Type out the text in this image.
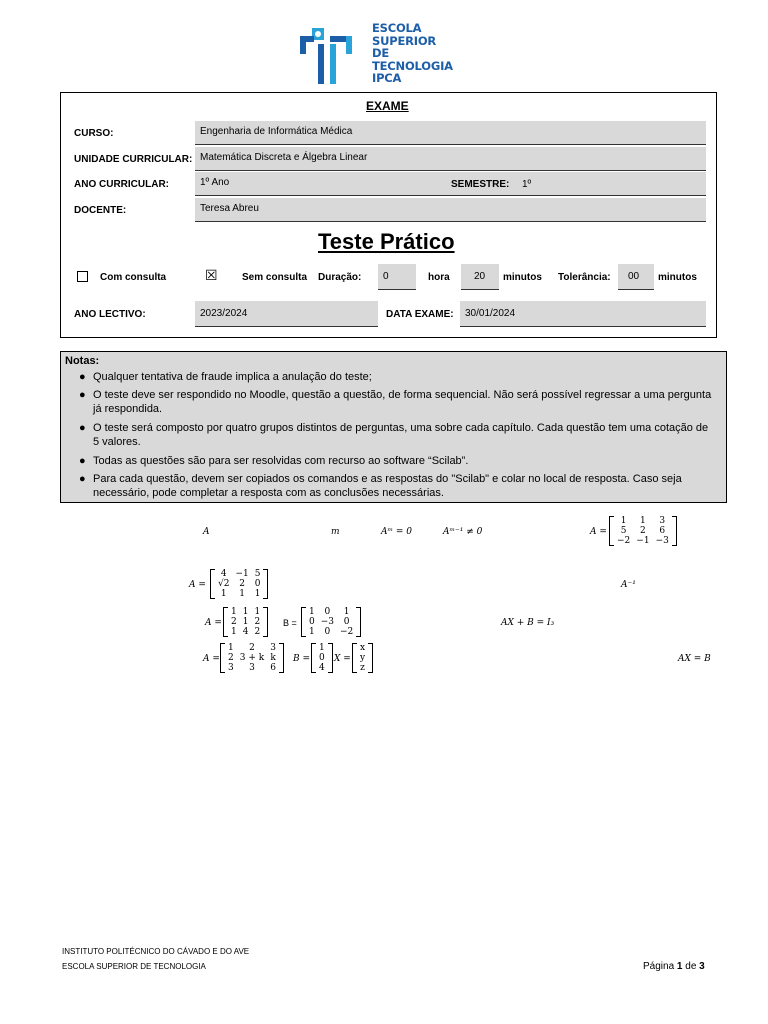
ESCOLA
SUPERIOR
DE TECNOLOGIA
IPCA
EXAME
CURSO:	Engenharia de Informática Médica
UNIDADE CURRICULAR: Matemática Discreta e Álgebra Linear
ANO CURRICULAR:	1º Ano	SEMESTRE: 1º
DOCENTE:	Teresa Abreu
Teste Prático
Com consulta	☒ Sem consulta Duração:	0	hora	20	minutos Tolerância:	00	minutos
ANO LECTIVO:	2023/2024	DATA EXAME:	30/01/2024
Notas:
● Qualquer tentativa de fraude implica a anulação do teste;
● O teste deve ser respondido no Moodle, questão a questão, de forma sequencial. Não será possível regressar a uma pergunta já respondida.
● O teste será composto por quatro grupos distintos de perguntas, uma sobre cada capítulo. Cada questão tem uma cotação de 5 valores.
● Todas as questões são para ser resolvidas com recurso ao software “Scilab”.
● Para cada questão, devem ser copiados os comandos e as respostas do "Scilab" e colar no local de resposta. Caso seja necessário, pode completar a resposta com as conclusões necessárias.
A	m	Aᵐ = 0	Aᵐ⁻¹ ≠ 0	A =
1	1	3
5	2	6
−2	−1	−3
A =
4	−1	5
√2	2	0
1	1	1
A⁻¹
A =
1	1	1
2	1	2
1	4	2
B =
1	0	1
0	−3	0
1	0	−2
AX + B = I₃
A =
1	2	3
2	3 + k	k
3	3	6
B =
1
0
4
X =
x
y
z
AX = B
INSTITUTO POLITÉCNICO DO CÁVADO E DO AVE
ESCOLA SUPERIOR DE TECNOLOGIA	Página 1 de 3
